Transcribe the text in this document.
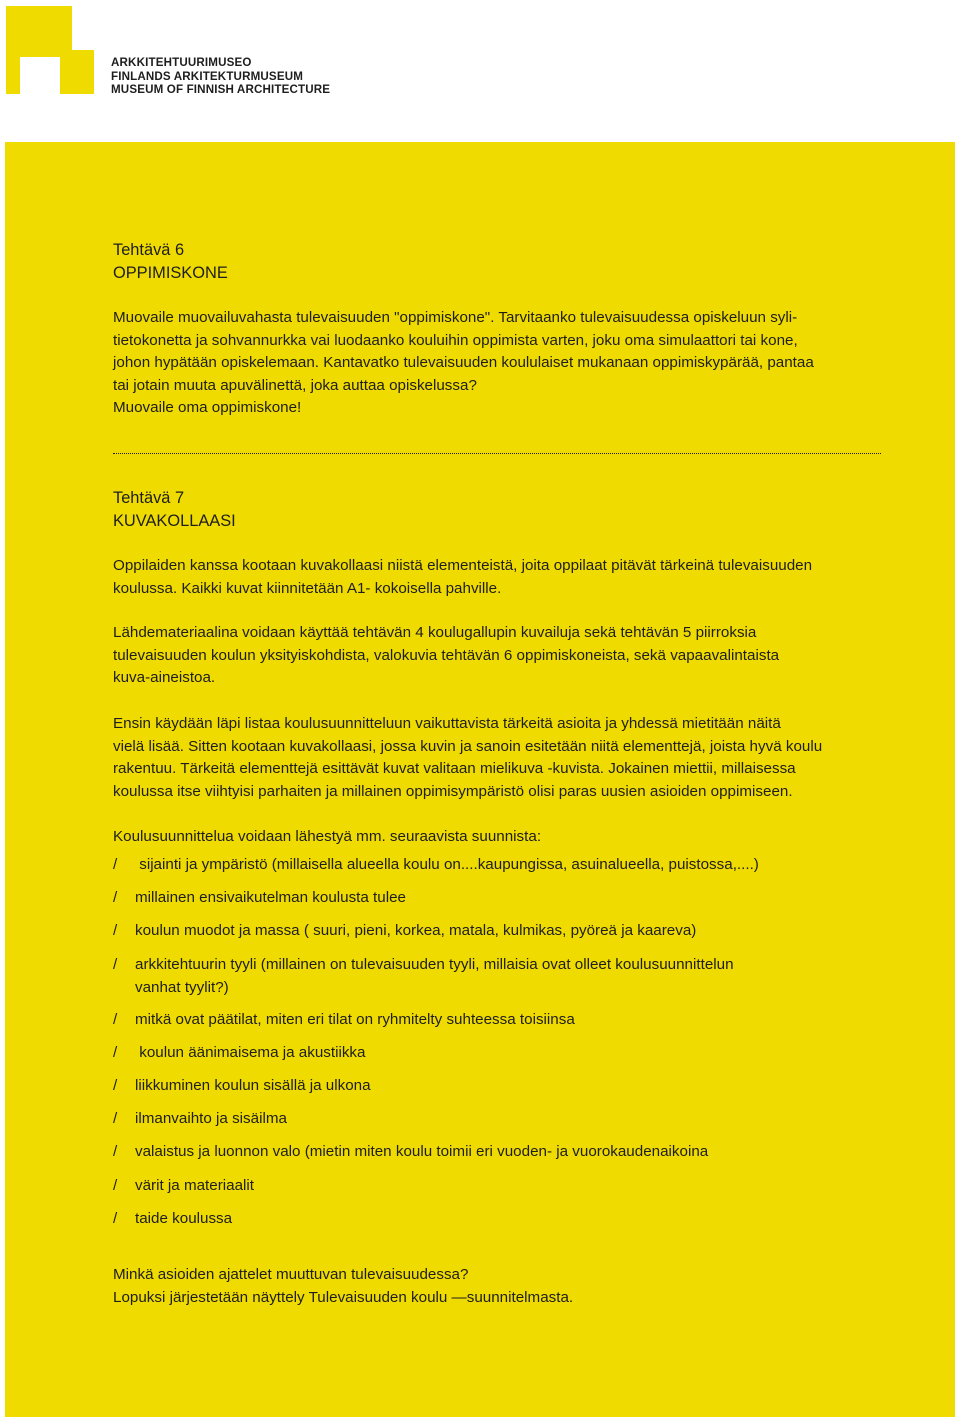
ARKKITEHTUURIMUSEO
FINLANDS ARKITEKTURMUSEUM
MUSEUM OF FINNISH ARCHITECTURE
Tehtävä 6
OPPIMISKONE
Muovaile muovailuvahasta tulevaisuuden "oppimiskone". Tarvitaanko tulevaisuudessa opiskeluun syli-
tietokonetta ja sohvannurkka vai luodaanko kouluihin oppimista varten, joku oma simulaattori tai kone,
johon hypätään opiskelemaan. Kantavatko tulevaisuuden koululaiset mukanaan oppimiskypärää, pantaa
tai jotain muuta apuvälinettä, joka auttaa opiskelussa?
Muovaile oma oppimiskone!
Tehtävä 7
KUVAKOLLAASI
Oppilaiden kanssa kootaan kuvakollaasi niistä elementeistä, joita oppilaat pitävät tärkeinä tulevaisuuden
koulussa. Kaikki kuvat kiinnitetään A1- kokoisella pahville.
Lähdemateriaalina voidaan käyttää tehtävän 4 koulugallupin kuvailuja sekä tehtävän 5 piirroksia
tulevaisuuden koulun yksityiskohdista, valokuvia tehtävän 6 oppimiskoneista, sekä vapaavalintaista
kuva-aineistoa.
Ensin käydään läpi listaa koulusuunnitteluun vaikuttavista tärkeitä asioita ja yhdessä mietitään näitä
vielä lisää. Sitten kootaan kuvakollaasi, jossa kuvin ja sanoin esitetään niitä elementtejä, joista hyvä koulu
rakentuu. Tärkeitä elementtejä esittävät kuvat valitaan mielikuva -kuvista. Jokainen miettii, millaisessa
koulussa itse viihtyisi parhaiten ja millainen oppimisympäristö olisi paras uusien asioiden oppimiseen.
Koulusuunnittelua voidaan lähestyä mm. seuraavista suunnista:
/ sijainti ja ympäristö (millaisella alueella koulu on....kaupungissa, asuinalueella, puistossa,....)
/ millainen ensivaikutelman koulusta tulee
/ koulun muodot ja massa ( suuri, pieni, korkea, matala, kulmikas, pyöreä ja kaareva)
/ arkkitehtuurin tyyli (millainen on tulevaisuuden tyyli, millaisia ovat olleet koulusuunnittelun
vanhat tyylit?)
/ mitkä ovat päätilat, miten eri tilat on ryhmitelty suhteessa toisiinsa
/ koulun äänimaisema ja akustiikka
/ liikkuminen koulun sisällä ja ulkona
/ ilmanvaihto ja sisäilma
/ valaistus ja luonnon valo (mietin miten koulu toimii eri vuoden- ja vuorokaudenaikoina
/ värit ja materiaalit
/ taide koulussa
Minkä asioiden ajattelet muuttuvan tulevaisuudessa?
Lopuksi järjestetään näyttely Tulevaisuuden koulu —suunnitelmasta.
